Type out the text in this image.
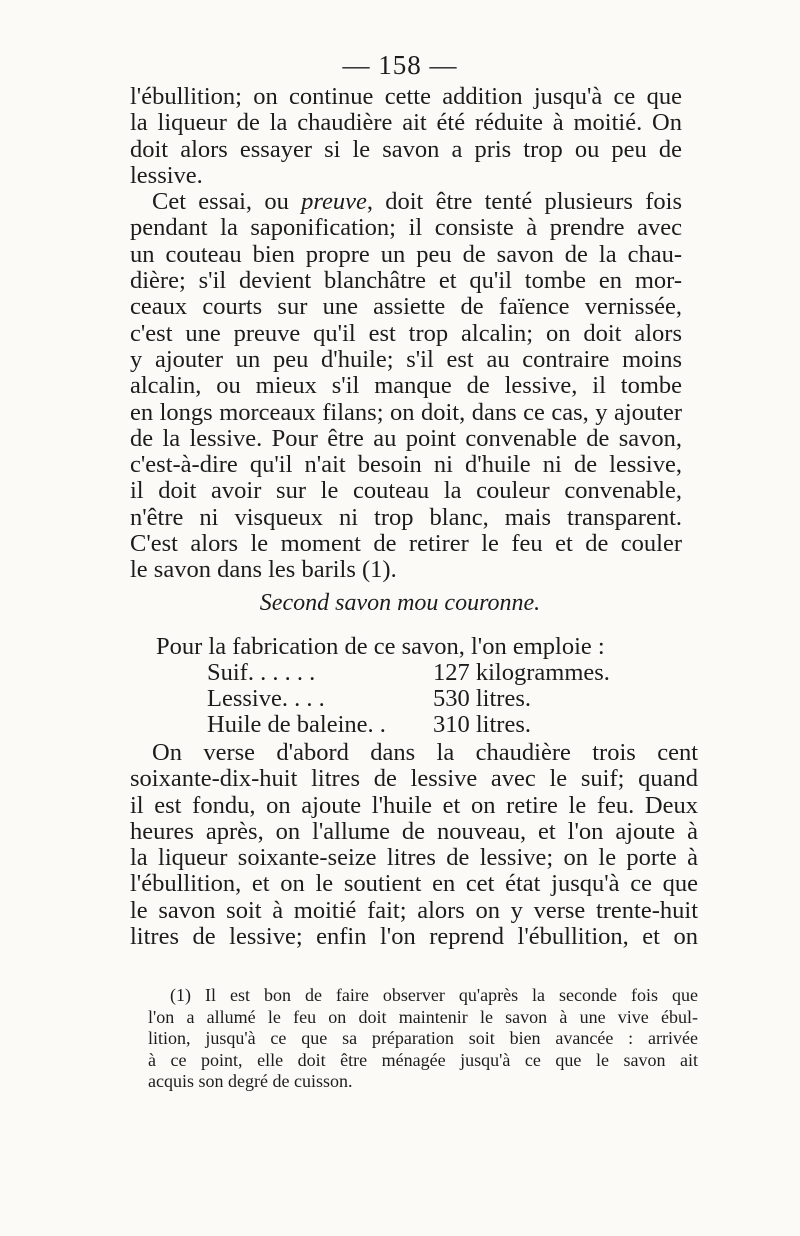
— 158 —
l'ébullition; on continue cette addition jusqu'à ce que
la liqueur de la chaudière ait été réduite à moitié. On
doit alors essayer si le savon a pris trop ou peu de
lessive.
Cet essai, ou preuve, doit être tenté plusieurs fois
pendant la saponification; il consiste à prendre avec
un couteau bien propre un peu de savon de la chau-
dière; s'il devient blanchâtre et qu'il tombe en mor-
ceaux courts sur une assiette de faïence vernissée,
c'est une preuve qu'il est trop alcalin; on doit alors
y ajouter un peu d'huile; s'il est au contraire moins
alcalin, ou mieux s'il manque de lessive, il tombe
en longs morceaux filans; on doit, dans ce cas, y ajouter
de la lessive. Pour être au point convenable de savon,
c'est-à-dire qu'il n'ait besoin ni d'huile ni de lessive,
il doit avoir sur le couteau la couleur convenable,
n'être ni visqueux ni trop blanc, mais transparent.
C'est alors le moment de retirer le feu et de couler
le savon dans les barils (1).
Second savon mou couronne.
Pour la fabrication de ce savon, l'on emploie :
Suif. . . . . .	127 kilogrammes.
Lessive. . . .	530 litres.
Huile de baleine. .	310 litres.
On verse d'abord dans la chaudière trois cent
soixante-dix-huit litres de lessive avec le suif; quand
il est fondu, on ajoute l'huile et on retire le feu. Deux
heures après, on l'allume de nouveau, et l'on ajoute à
la liqueur soixante-seize litres de lessive; on le porte à
l'ébullition, et on le soutient en cet état jusqu'à ce que
le savon soit à moitié fait; alors on y verse trente-huit
litres de lessive; enfin l'on reprend l'ébullition, et on
(1) Il est bon de faire observer qu'après la seconde fois que
l'on a allumé le feu on doit maintenir le savon à une vive ébul-
lition, jusqu'à ce que sa préparation soit bien avancée : arrivée
à ce point, elle doit être ménagée jusqu'à ce que le savon ait
acquis son degré de cuisson.
